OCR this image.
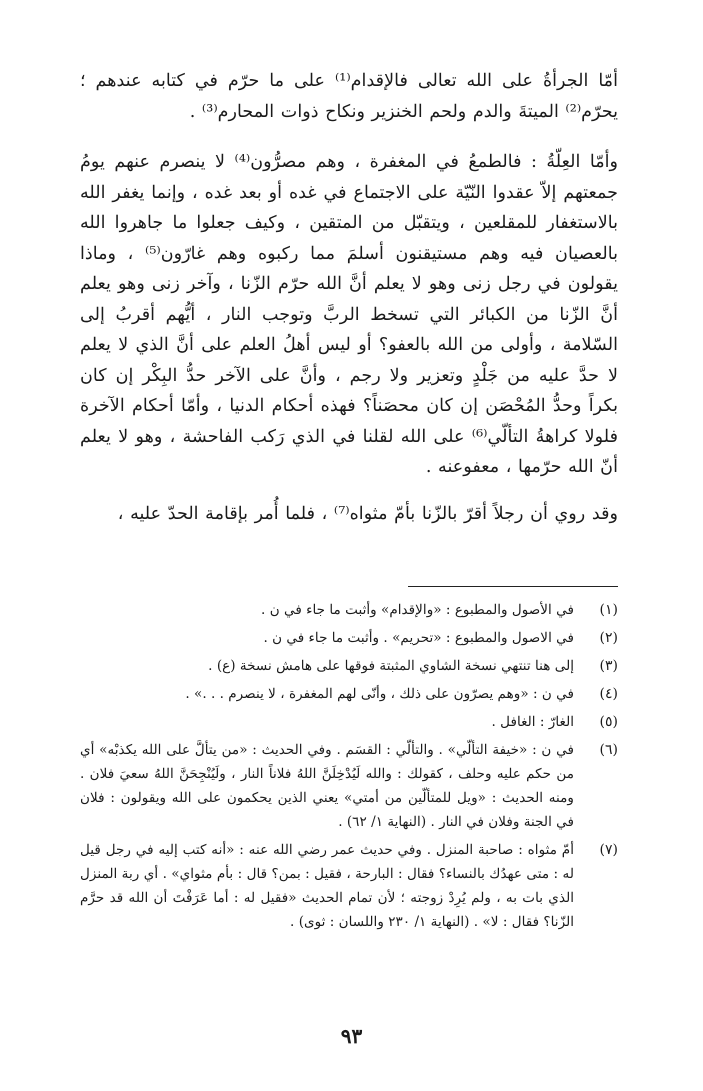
أمّا الجرأةُ على الله تعالى فالإقدام⁽¹⁾ على ما حرّم في كتابه عندهم ؛ يحرّم⁽²⁾ الميتةَ والدم ولحم الخنزير ونكاح ذوات المحارم⁽³⁾ .

وأمّا العِلّةُ : فالطمعُ في المغفرة ، وهم مصرُّون⁽⁴⁾ لا ينصرم عنهم يومُ جمعتهم إلاّ عقدوا النّيّة على الاجتماع في غده أو بعد غده ، وإنما يغفر الله بالاستغفار للمقلعين ، ويتقبّل من المتقين ، وكيف جعلوا ما جاهروا الله بالعصيان فيه وهم مستيقنون أسلمَ مما ركبوه وهم غارّون⁽⁵⁾ ، وماذا يقولون في رجل زنى وهو لا يعلم أنَّ الله حرّم الزّنا ، وآخر زنى وهو يعلم أنَّ الزّنا من الكبائر التي تسخط الربَّ وتوجب النار ، أيُّهم أقربُ إلى السّلامة ، وأولى من الله بالعفو؟ أو ليس أهلُ العلم على أنَّ الذي لا يعلم لا حدَّ عليه من جَلْدٍ وتعزير ولا رجم ، وأنَّ على الآخر حدُّ البِكْر إن كان بكراً وحدُّ المُحْصَن إن كان محصَناً؟ فهذه أحكام الدنيا ، وأمّا أحكام الآخرة فلولا كراهةُ التألّي⁽⁶⁾ على الله لقلنا في الذي رَكب الفاحشة ، وهو لا يعلم أنّ الله حرّمها ، معفوعنه .

وقد روي أن رجلاً أقرّ بالزّنا بأمّ مثواه⁽⁷⁾ ، فلما أُمر بإقامة الحدّ عليه ،

(١)
في الأصول والمطبوع : «والإقدام» وأثبت ما جاء في ن .
(٢)
في الاصول والمطبوع : «تحريم» . وأثبت ما جاء في ن .
(٣)
إلى هنا تنتهي نسخة الشاوي المثبتة فوقها على هامش نسخة (ع) .
(٤)
في ن : «وهم يصرّون على ذلك ، وأنّى لهم المغفرة ، لا ينصرم . . .» .
(٥)
الغارّ : الغافل .
(٦)
في ن : «خيفة التألّي» . والتألّي : القسَم . وفي الحديث : «من يتألَّ على الله يكذبْه» أي من حكم عليه وحلف ، كقولك : والله لَيُدْخِلَنَّ اللهُ فلاناً النار ، ولَيُنْجِحَنَّ اللهُ سعيَ فلان . ومنه الحديث : «ويل للمتألّين من أمتي» يعني الذين يحكمون على الله ويقولون : فلان في الجنة وفلان في النار . (النهاية ١/ ٦٢) .
(٧)
أمّ مثواه : صاحبة المنزل . وفي حديث عمر رضي الله عنه : «أنه كتب إليه في رجل قيل له : متى عهدُك بالنساء؟ فقال : البارحة ، فقيل : بمن؟ قال : بأم مثواي» . أي ربة المنزل الذي بات به ، ولم يُرِدْ زوجته ؛ لأن تمام الحديث «فقيل له : أما عَرَفْتَ أن الله قد حرَّم الزّنا؟ فقال : لا» . (النهاية ١/ ٢٣٠ واللسان : ثوى) .
٩٣
